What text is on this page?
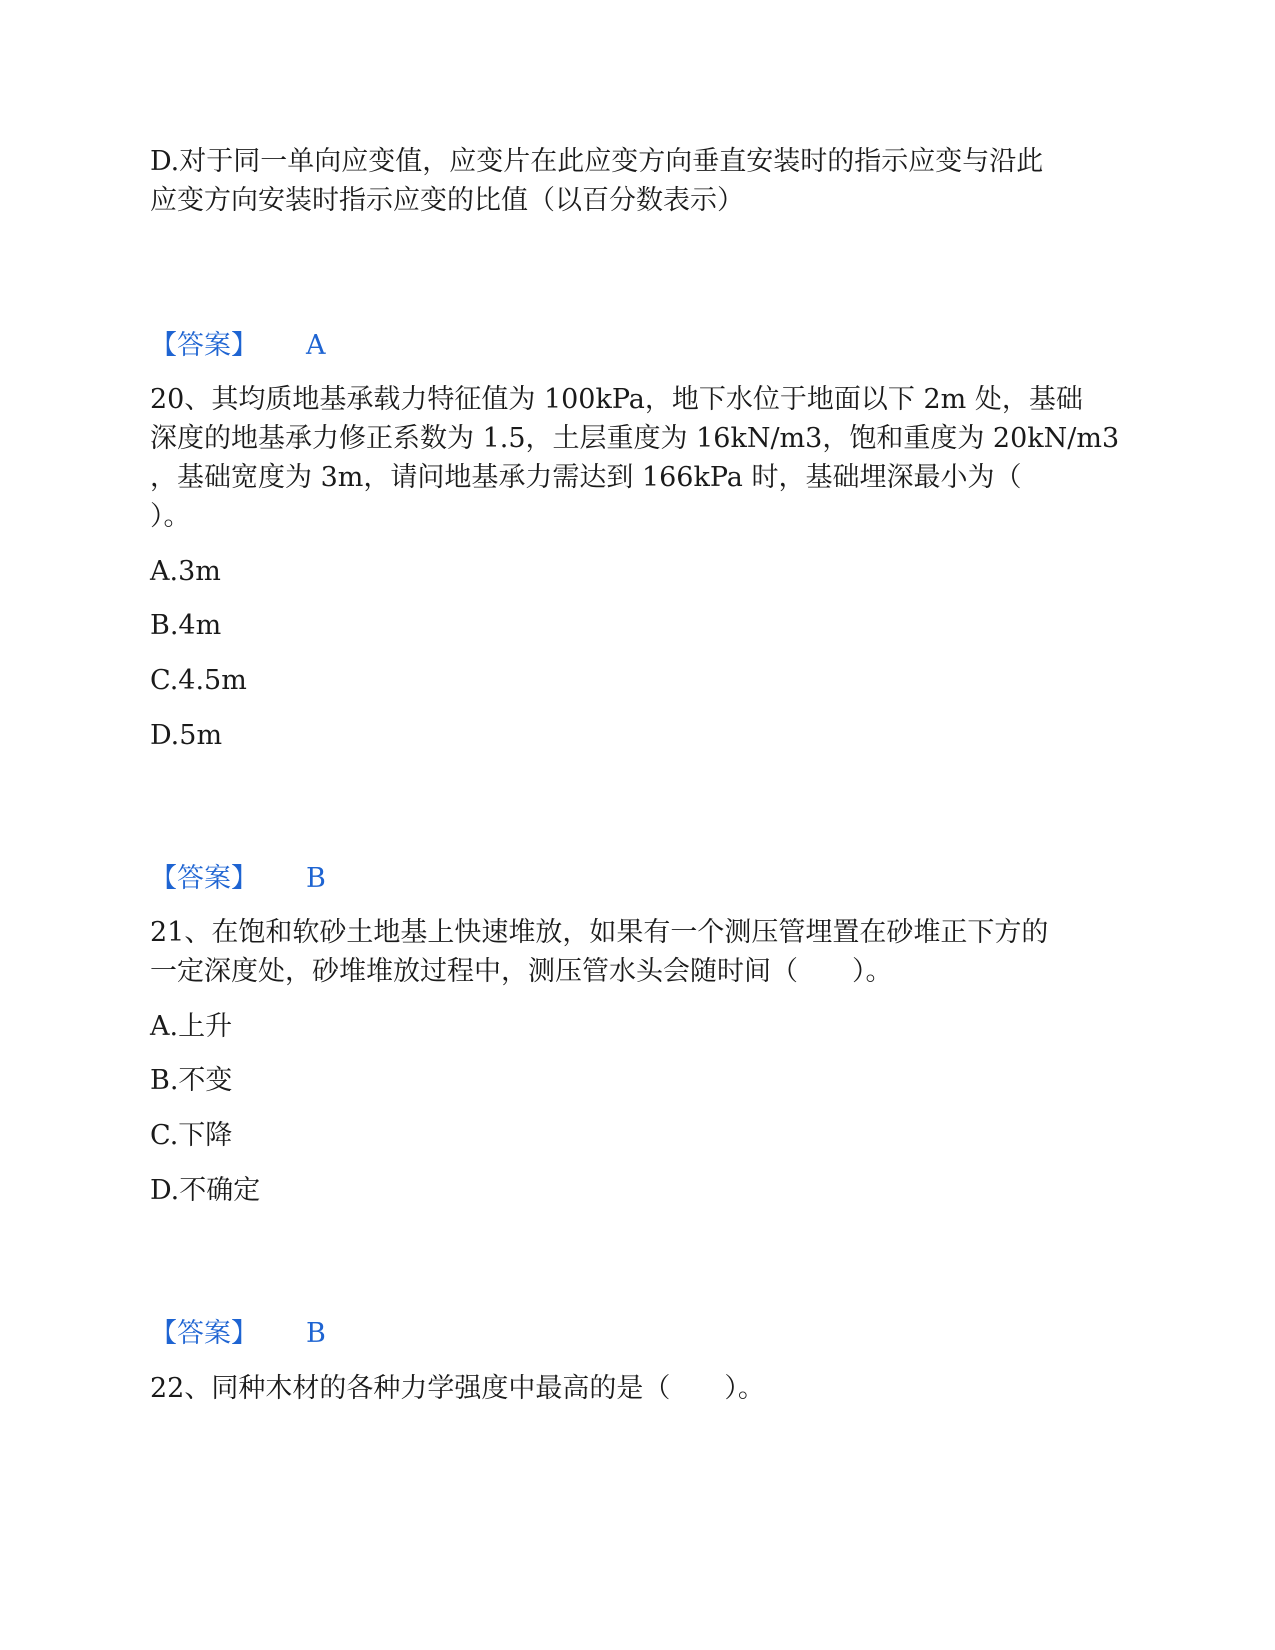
D.对于同一单向应变值，应变片在此应变方向垂直安装时的指示应变与沿此
应变方向安装时指示应变的比值（以百分数表示）
【答案】 A
20、其均质地基承载力特征值为 100kPa，地下水位于地面以下 2m 处，基础
深度的地基承力修正系数为 1.5，土层重度为 16kN/m3，饱和重度为 20kN/m3
，基础宽度为 3m，请问地基承力需达到 166kPa 时，基础埋深最小为（
）。
A.3m
B.4m
C.4.5m
D.5m
【答案】 B
21、在饱和软砂土地基上快速堆放，如果有一个测压管埋置在砂堆正下方的
一定深度处，砂堆堆放过程中，测压管水头会随时间（　　）。
A.上升
B.不变
C.下降
D.不确定
【答案】 B
22、同种木材的各种力学强度中最高的是（　　）。
